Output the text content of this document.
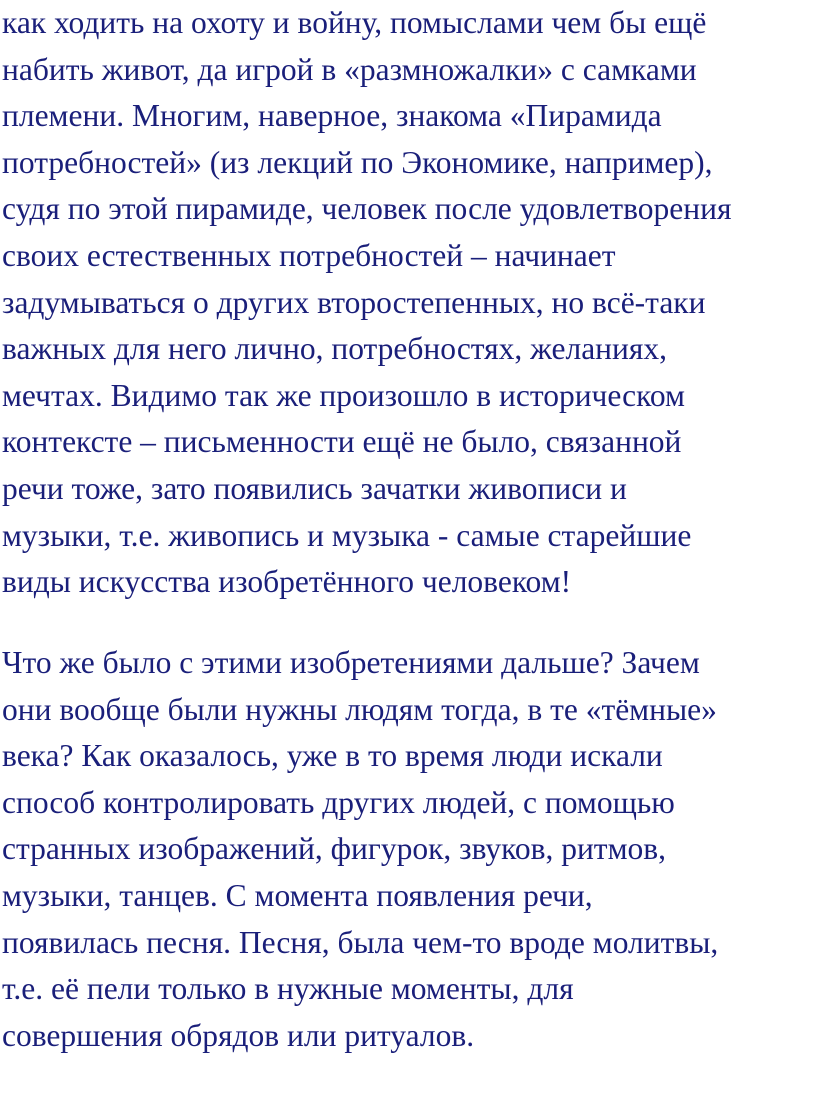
как ходить на охоту и войну, помыслами чем бы ещё
набить живот, да игрой в «размножалки» с самками
племени. Многим, наверное, знакома «Пирамида
потребностей» (из лекций по Экономике, например),
судя по этой пирамиде, человек после удовлетворения
своих естественных потребностей – начинает
задумываться о других второстепенных, но всё-таки
важных для него лично, потребностях, желаниях,
мечтах. Видимо так же произошло в историческом
контексте – письменности ещё не было, связанной
речи тоже, зато появились зачатки живописи и
музыки, т.е. живопись и музыка - самые старейшие
виды искусства изобретённого человеком!

Что же было с этими изобретениями дальше? Зачем
они вообще были нужны людям тогда, в те «тёмные»
века? Как оказалось, уже в то время люди искали
способ контролировать других людей, с помощью
странных изображений, фигурок, звуков, ритмов,
музыки, танцев. С момента появления речи,
появилась песня. Песня, была чем-то вроде молитвы,
т.е. её пели только в нужные моменты, для
совершения обрядов или ритуалов.
